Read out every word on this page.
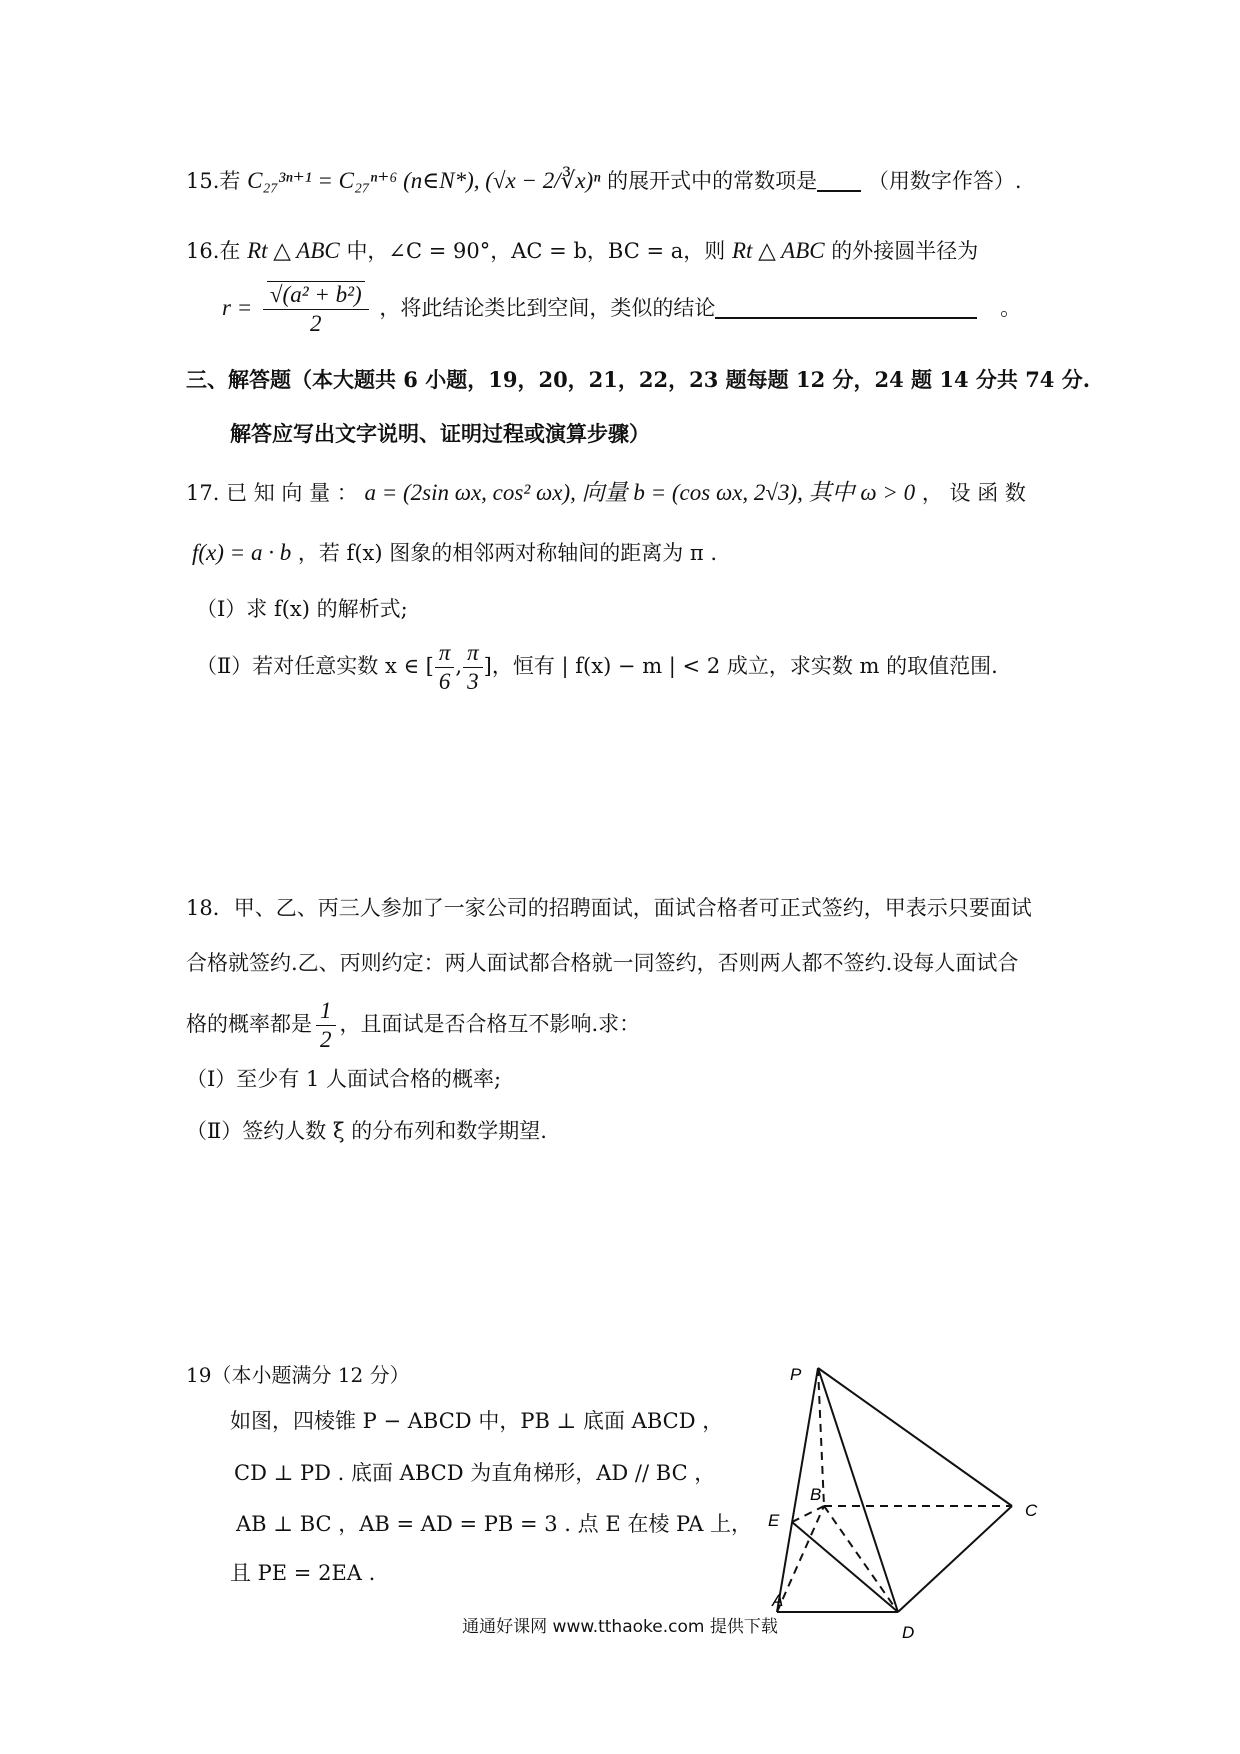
15.若 C₂₇³ⁿ⁺¹ = C₂₇ⁿ⁺⁶ (n∈N*), (√x − 2/∛x)ⁿ 的展开式中的常数项是 （用数字作答）.
16.在 Rt △ ABC 中，∠C = 90°，AC = b，BC = a，则 Rt △ ABC 的外接圆半径为
$r = \frac{\text{√(a² + b²)}}{2}$ ，将此结论类比到空间，类似的结论	。
三、解答题（本大题共 6 小题，19，20，21，22，23 题每题 12 分，24 题 14 分共 74 分.
解答应写出文字说明、证明过程或演算步骤）
17. 已 知 向 量 ： a = (2sin ωx, cos² ωx), 向量 b = (cos ωx, 2√3), 其中 ω > 0 ， 设 函 数
f(x) = a · b ，若 f(x) 图象的相邻两对称轴间的距离为 π .
（Ⅰ）求 f(x) 的解析式;
（Ⅱ）若对任意实数 x ∈ [ $\frac{\pi}{6}$ , $\frac{\pi}{3}$ ]，恒有 | f(x) − m | < 2 成立，求实数 m 的取值范围.
18．甲、乙、丙三人参加了一家公司的招聘面试，面试合格者可正式签约，甲表示只要面试
合格就签约.乙、丙则约定：两人面试都合格就一同签约，否则两人都不签约.设每人面试合
格的概率都是 $\frac{1}{2}$ ，且面试是否合格互不影响.求：
（Ⅰ）至少有 1 人面试合格的概率;
（Ⅱ）签约人数 ξ 的分布列和数学期望.
19（本小题满分 12 分）
如图，四棱锥 P − ABCD 中，PB ⊥ 底面 ABCD ，
CD ⊥ PD . 底面 ABCD 为直角梯形，AD // BC ，
AB ⊥ BC ，AB = AD = PB = 3 . 点 E 在棱 PA 上，
且 PE = 2EA .
P
B
E
C
A
D
通通好课网 www.tthaoke.com 提供下载
